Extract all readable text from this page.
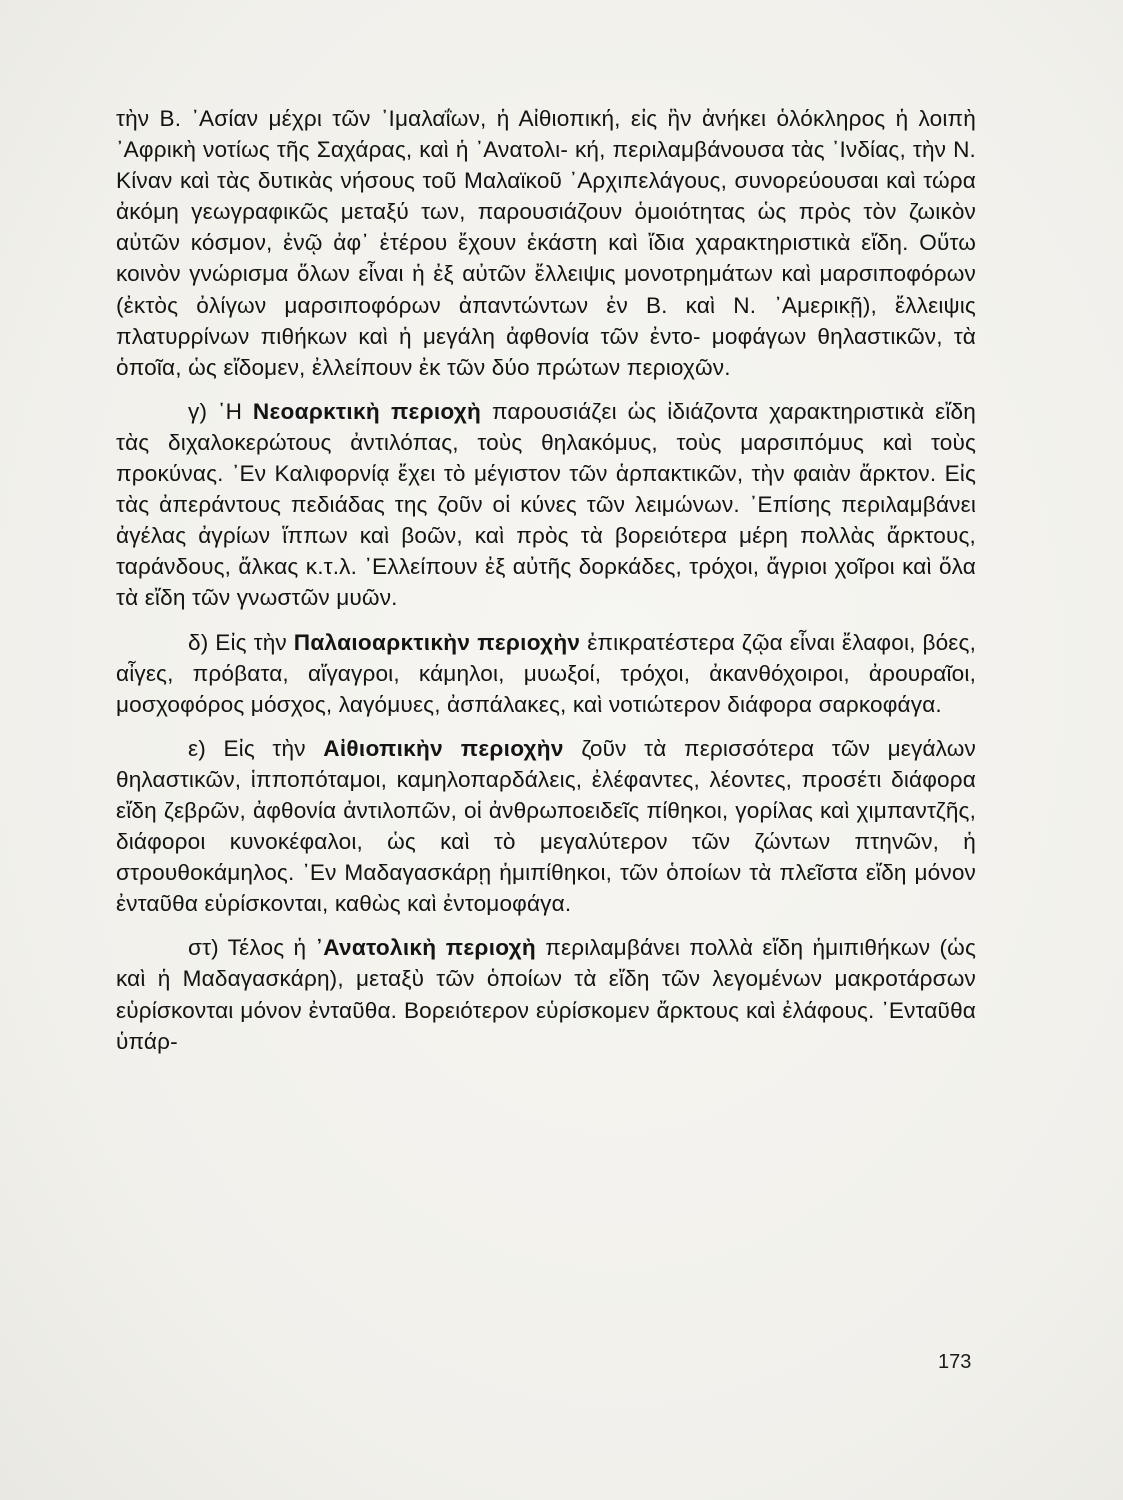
τὴν Β. ᾽Ασίαν μέχρι τῶν ᾽Ιμαλαΐων, ἡ Αἰθιοπική, εἰς ἣν ἀνήκει ὁλόκληρος ἡ λοιπὴ ᾽Αφρικὴ νοτίως τῆς Σαχάρας, καὶ ἡ ᾽Ανατολι- κή, περιλαμβάνουσα τὰς ᾽Ινδίας, τὴν Ν. Κίναν καὶ τὰς δυτικὰς νήσους τοῦ Μαλαϊκοῦ ᾽Αρχιπελάγους, συνορεύουσαι καὶ τώρα ἀκόμη γεωγραφικῶς μεταξύ των, παρουσιάζουν ὁμοιότητας ὡς πρὸς τὸν ζωικὸν αὐτῶν κόσμον, ἐνῷ ἀφ᾽ ἑτέρου ἔχουν ἑκάστη καὶ ἴδια χαρακτηριστικὰ εἴδη. Οὕτω κοινὸν γνώρισμα ὅλων εἶναι ἡ ἐξ αὐτῶν ἔλλειψις μονοτρημάτων καὶ μαρσιποφόρων (ἐκτὸς ὀλίγων μαρσιποφόρων ἀπαντώντων ἐν Β. καὶ Ν. ᾽Αμερικῇ), ἔλλειψις πλατυρρίνων πιθήκων καὶ ἡ μεγάλη ἀφθονία τῶν ἐντο- μοφάγων θηλαστικῶν, τὰ ὁποῖα, ὡς εἴδομεν, ἐλλείπουν ἐκ τῶν δύο πρώτων περιοχῶν.

γ) ῾Η Νεοαρκτικὴ περιοχὴ παρουσιάζει ὡς ἰδιάζοντα χαρακτηριστικὰ εἴδη τὰς διχαλοκερώτους ἀντιλόπας, τοὺς θηλακόμυς, τοὺς μαρσιπόμυς καὶ τοὺς προκύνας. ᾽Εν Καλιφορνίᾳ ἔχει τὸ μέγιστον τῶν ἁρπακτικῶν, τὴν φαιὰν ἄρκτον. Εἰς τὰς ἀπεράντους πεδιάδας της ζοῦν οἱ κύνες τῶν λειμώνων. ᾽Επίσης περιλαμβάνει ἀγέλας ἀγρίων ἵππων καὶ βοῶν, καὶ πρὸς τὰ βορειότερα μέρη πολλὰς ἄρκτους, ταράνδους, ἄλκας κ.τ.λ. ᾽Ελλείπουν ἐξ αὐτῆς δορκάδες, τρόχοι, ἄγριοι χοῖροι καὶ ὅλα τὰ εἴδη τῶν γνωστῶν μυῶν.

δ) Εἰς τὴν Παλαιοαρκτικὴν περιοχὴν ἐπικρατέστερα ζῷα εἶναι ἔλαφοι, βόες, αἶγες, πρόβατα, αἴγαγροι, κάμηλοι, μυωξοί, τρόχοι, ἀκανθόχοιροι, ἀρουραῖοι, μοσχοφόρος μόσχος, λαγόμυες, ἀσπάλακες, καὶ νοτιώτερον διάφορα σαρκοφάγα.

ε) Εἰς τὴν Αἰθιοπικὴν περιοχὴν ζοῦν τὰ περισσότερα τῶν μεγάλων θηλαστικῶν, ἱπποπόταμοι, καμηλοπαρδάλεις, ἐλέφαντες, λέοντες, προσέτι διάφορα εἴδη ζεβρῶν, ἀφθονία ἀντιλοπῶν, οἱ ἀνθρωποειδεῖς πίθηκοι, γορίλας καὶ χιμπαντζῆς, διάφοροι κυνοκέφαλοι, ὡς καὶ τὸ μεγαλύτερον τῶν ζώντων πτηνῶν, ἡ στρουθοκάμηλος. ᾽Εν Μαδαγασκάρῃ ἡμιπίθηκοι, τῶν ὁποίων τὰ πλεῖστα εἴδη μόνον ἐνταῦθα εὑρίσκονται, καθὼς καὶ ἐντομοφάγα.

στ) Τέλος ἡ ᾽Ανατολικὴ περιοχὴ περιλαμβάνει πολλὰ εἴδη ἡμιπιθήκων (ὡς καὶ ἡ Μαδαγασκάρη), μεταξὺ τῶν ὁποίων τὰ εἴδη τῶν λεγομένων μακροτάρσων εὑρίσκονται μόνον ἐνταῦθα. Βορειότερον εὑρίσκομεν ἄρκτους καὶ ἐλάφους. ᾽Ενταῦθα ὑπάρ-

173
